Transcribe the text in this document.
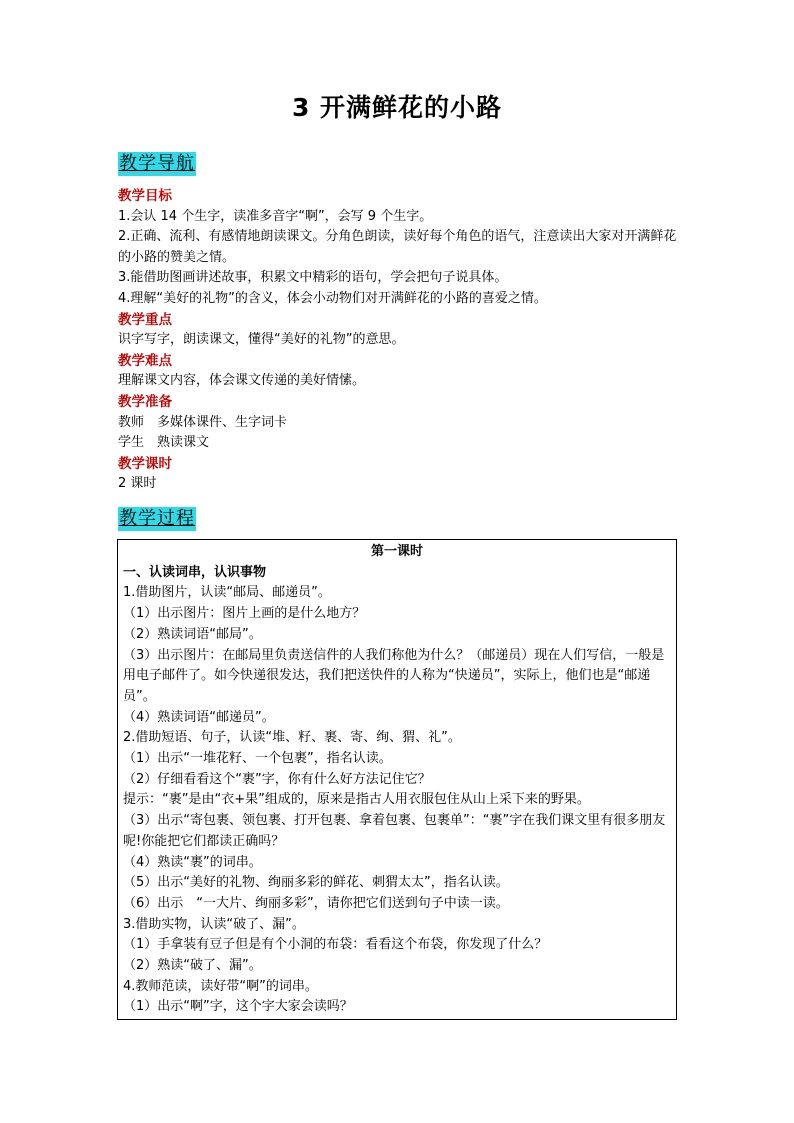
3 开满鲜花的小路
教学导航
教学目标
1.会认 14 个生字，读准多音字“啊”，会写 9 个生字。
2.正确、流利、有感情地朗读课文。分角色朗读，读好每个角色的语气，注意读出大家对开满鲜花的小路的赞美之情。
3.能借助图画讲述故事，积累文中精彩的语句，学会把句子说具体。
4.理解“美好的礼物”的含义，体会小动物们对开满鲜花的小路的喜爱之情。
教学重点
识字写字，朗读课文，懂得“美好的礼物”的意思。
教学难点
理解课文内容，体会课文传递的美好情愫。
教学准备
教师　多媒体课件、生字词卡
学生　熟读课文
教学课时
2 课时
教学过程
第一课时
一、认读词串，认识事物
1.借助图片，认读“邮局、邮递员”。
（1）出示图片：图片上画的是什么地方？
（2）熟读词语“邮局”。
（3）出示图片：在邮局里负责送信件的人我们称他为什么？（邮递员）现在人们写信，一般是用电子邮件了。如今快递很发达，我们把送快件的人称为“快递员”，实际上，他们也是“邮递员”。
（4）熟读词语“邮递员”。
2.借助短语、句子，认读“堆、籽、裹、寄、绚、猬、礼”。
（1）出示“一堆花籽、一个包裹”，指名认读。
（2）仔细看看这个“裹”字，你有什么好方法记住它？
提示：“裹”是由“衣+果”组成的，原来是指古人用衣服包住从山上采下来的野果。
（3）出示“寄包裹、领包裹、打开包裹、拿着包裹、包裹单”：“裹”字在我们课文里有很多朋友呢!你能把它们都读正确吗？
（4）熟读“裹”的词串。
（5）出示“美好的礼物、绚丽多彩的鲜花、刺猬太太”，指名认读。
（6）出示　“一大片、绚丽多彩”，请你把它们送到句子中读一读。
3.借助实物，认读“破了、漏”。
（1）手拿装有豆子但是有个小洞的布袋：看看这个布袋，你发现了什么？
（2）熟读“破了、漏”。
4.教师范读，读好带“啊”的词串。
（1）出示“啊”字，这个字大家会读吗？
